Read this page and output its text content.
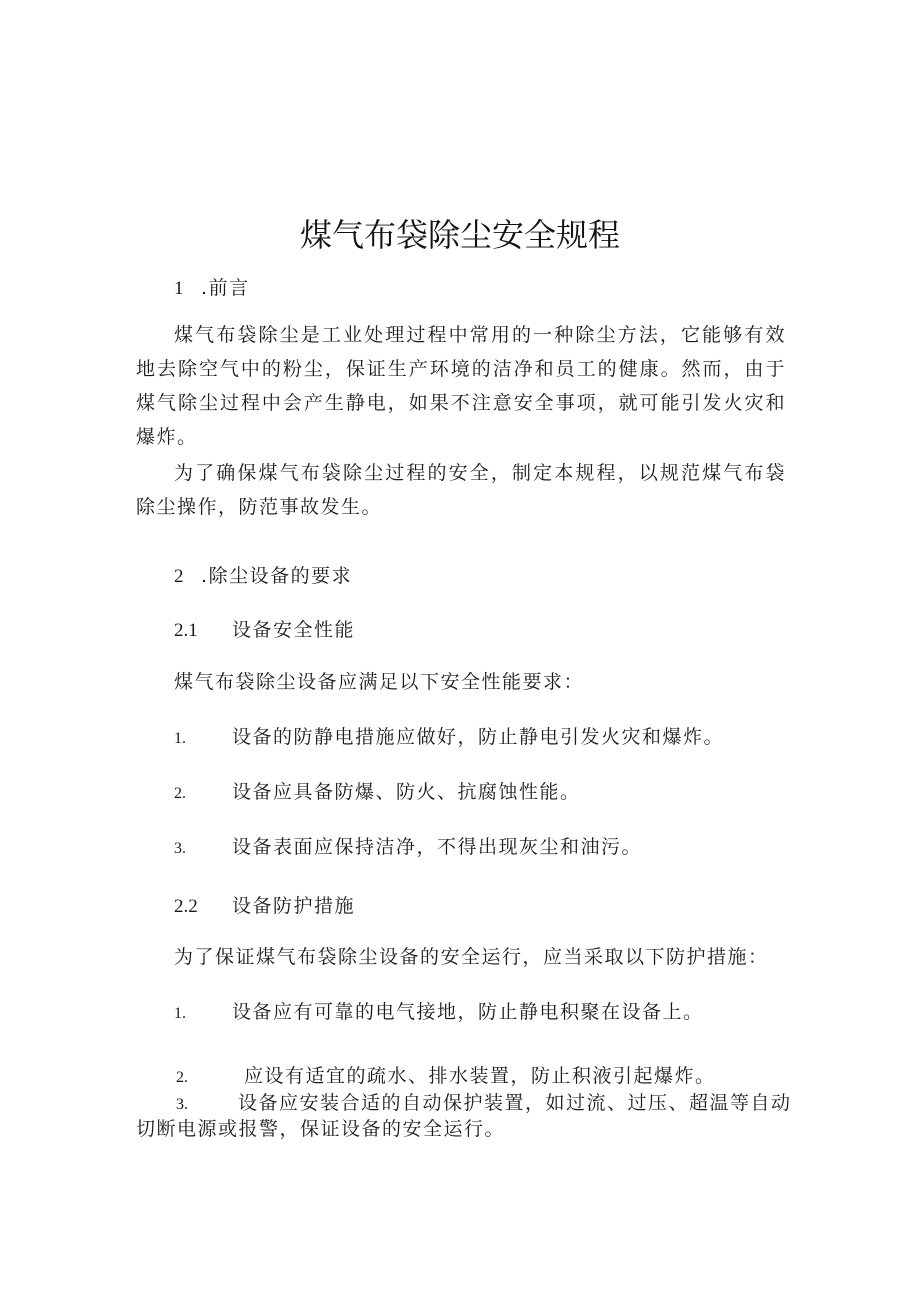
煤气布袋除尘安全规程
1 .前言

煤气布袋除尘是工业处理过程中常用的一种除尘方法，它能够有效地去除空气中的粉尘，保证生产环境的洁净和员工的健康。然而，由于煤气除尘过程中会产生静电，如果不注意安全事项，就可能引发火灾和爆炸。

为了确保煤气布袋除尘过程的安全，制定本规程，以规范煤气布袋除尘操作，防范事故发生。

2 .除尘设备的要求
2.1 设备安全性能
煤气布袋除尘设备应满足以下安全性能要求：
1. 设备的防静电措施应做好，防止静电引发火灾和爆炸。
2. 设备应具备防爆、防火、抗腐蚀性能。
3. 设备表面应保持洁净，不得出现灰尘和油污。
2.2 设备防护措施
为了保证煤气布袋除尘设备的安全运行，应当采取以下防护措施：
1. 设备应有可靠的电气接地，防止静电积聚在设备上。
2.	应设有适宜的疏水、排水装置，防止积液引起爆炸。
3.	设备应安装合适的自动保护装置，如过流、过压、超温等自动
切断电源或报警，保证设备的安全运行。
